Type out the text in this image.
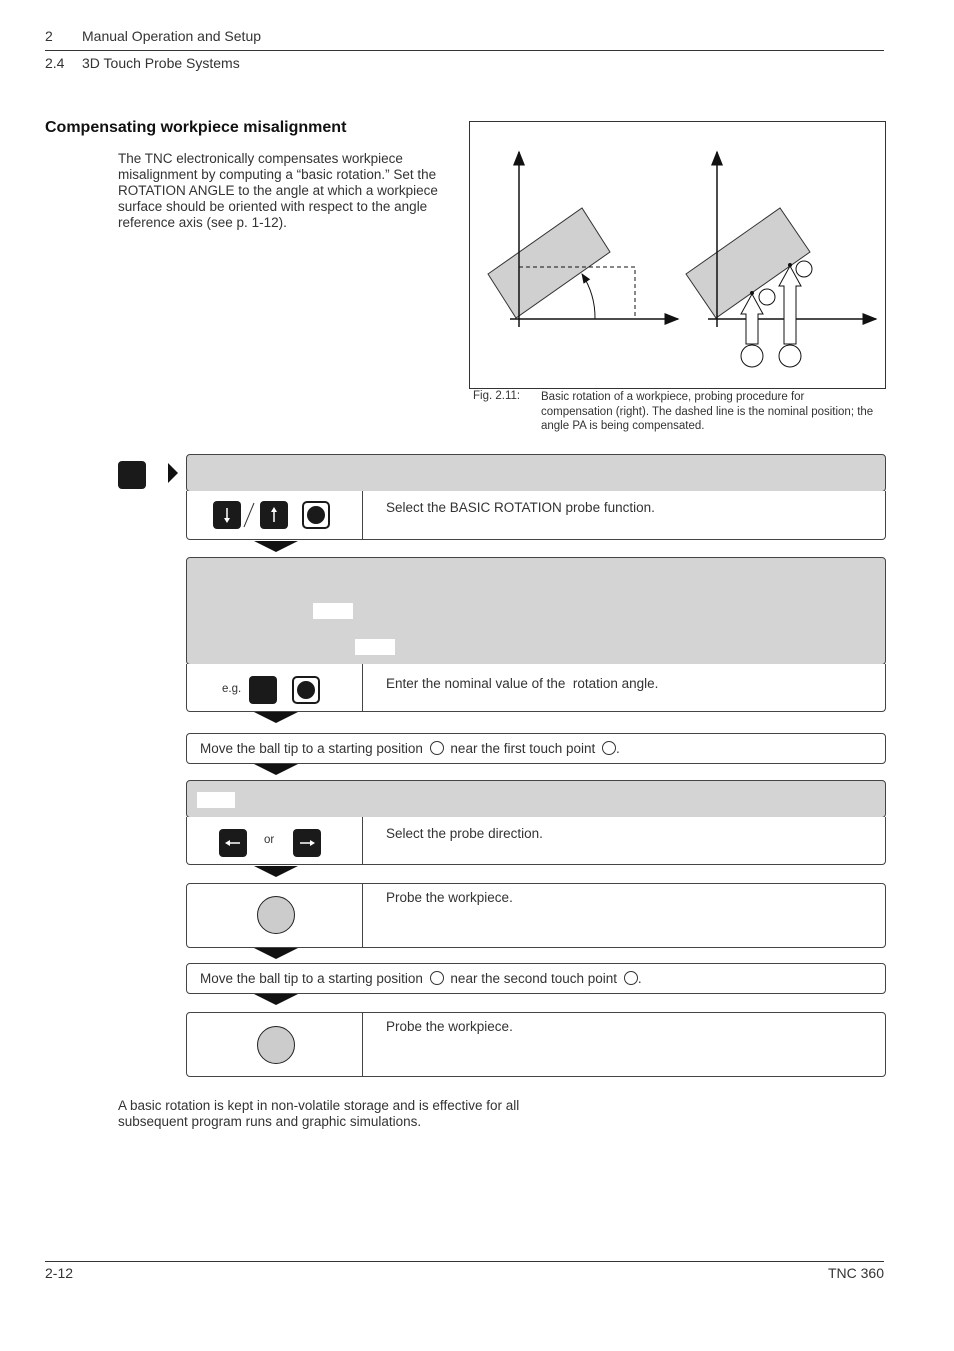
2 Manual Operation and Setup
2.4 3D Touch Probe Systems
Compensating workpiece misalignment
The TNC electronically compensates workpiece misalignment by computing a “basic rotation.” Set the ROTATION ANGLE to the angle at which a workpiece surface should be oriented with respect to the angle reference axis (see p. 1-12).
Fig. 2.11: Basic rotation of a workpiece, probing procedure for compensation (right). The dashed line is the nominal position; the angle PA is being compensated.
Select the BASIC ROTATION probe function.
e.g.	Enter the nominal value of the  rotation angle.
Move the ball tip to a starting position near the first touch point .
or	Select the probe direction.
Probe the workpiece.
Move the ball tip to a starting position near the second touch point .
Probe the workpiece.
A basic rotation is kept in non-volatile storage and is effective for all subsequent program runs and graphic simulations.
2-12	TNC 360
